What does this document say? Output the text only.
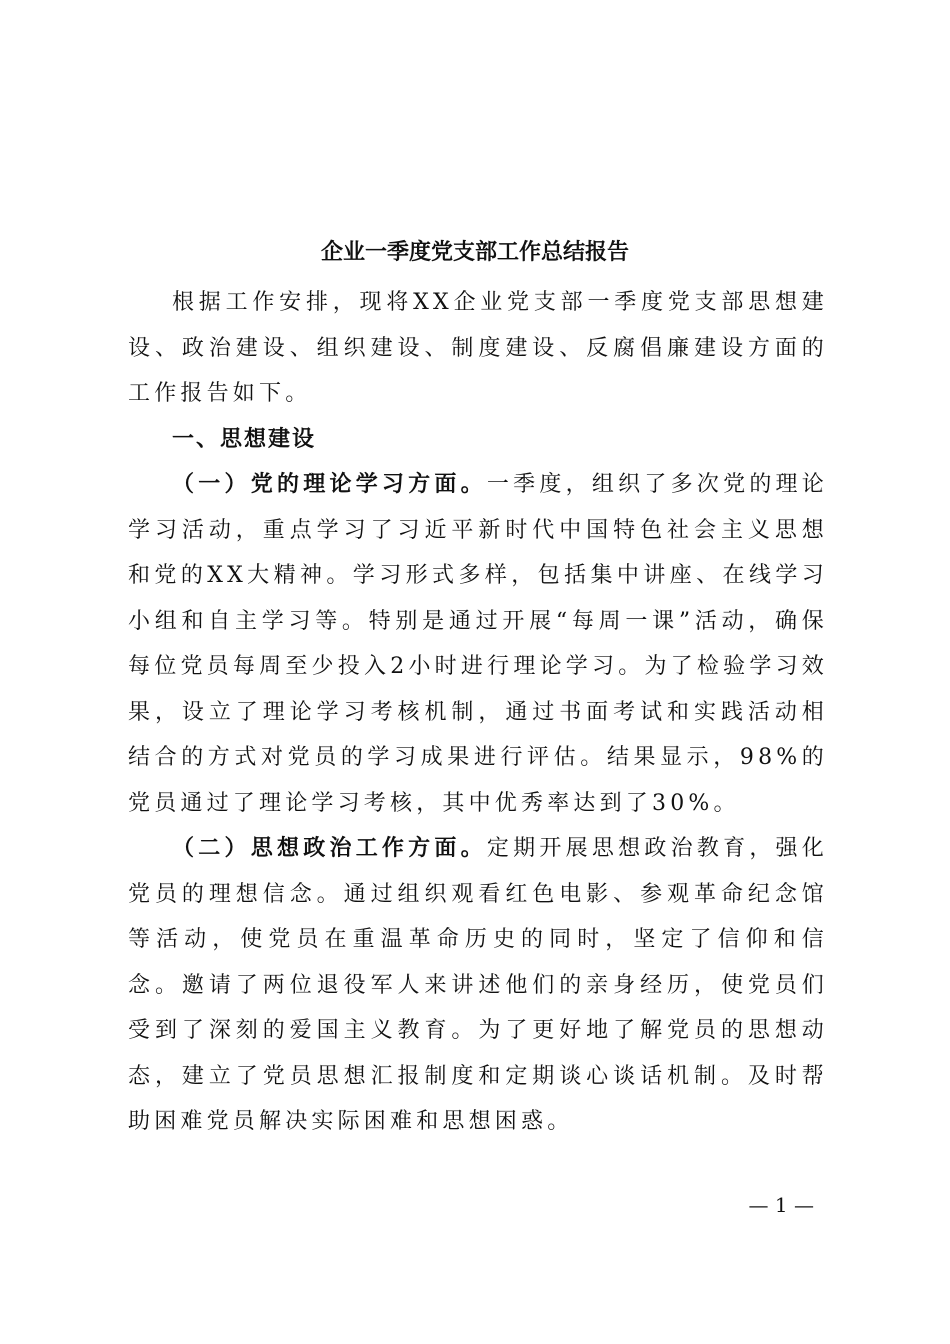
企业一季度党支部工作总结报告

根据工作安排，现将XX企业党支部一季度党支部思想建设、政治建设、组织建设、制度建设、反腐倡廉建设方面的工作报告如下。

一、思想建设

（一）党的理论学习方面。一季度，组织了多次党的理论学习活动，重点学习了习近平新时代中国特色社会主义思想和党的XX大精神。学习形式多样，包括集中讲座、在线学习小组和自主学习等。特别是通过开展“每周一课”活动，确保每位党员每周至少投入2小时进行理论学习。为了检验学习效果，设立了理论学习考核机制，通过书面考试和实践活动相结合的方式对党员的学习成果进行评估。结果显示，98%的党员通过了理论学习考核，其中优秀率达到了30%。

（二）思想政治工作方面。定期开展思想政治教育，强化党员的理想信念。通过组织观看红色电影、参观革命纪念馆等活动，使党员在重温革命历史的同时，坚定了信仰和信念。邀请了两位退役军人来讲述他们的亲身经历，使党员们受到了深刻的爱国主义教育。为了更好地了解党员的思想动态，建立了党员思想汇报制度和定期谈心谈话机制。及时帮助困难党员解决实际困难和思想困惑。

— 1 —
